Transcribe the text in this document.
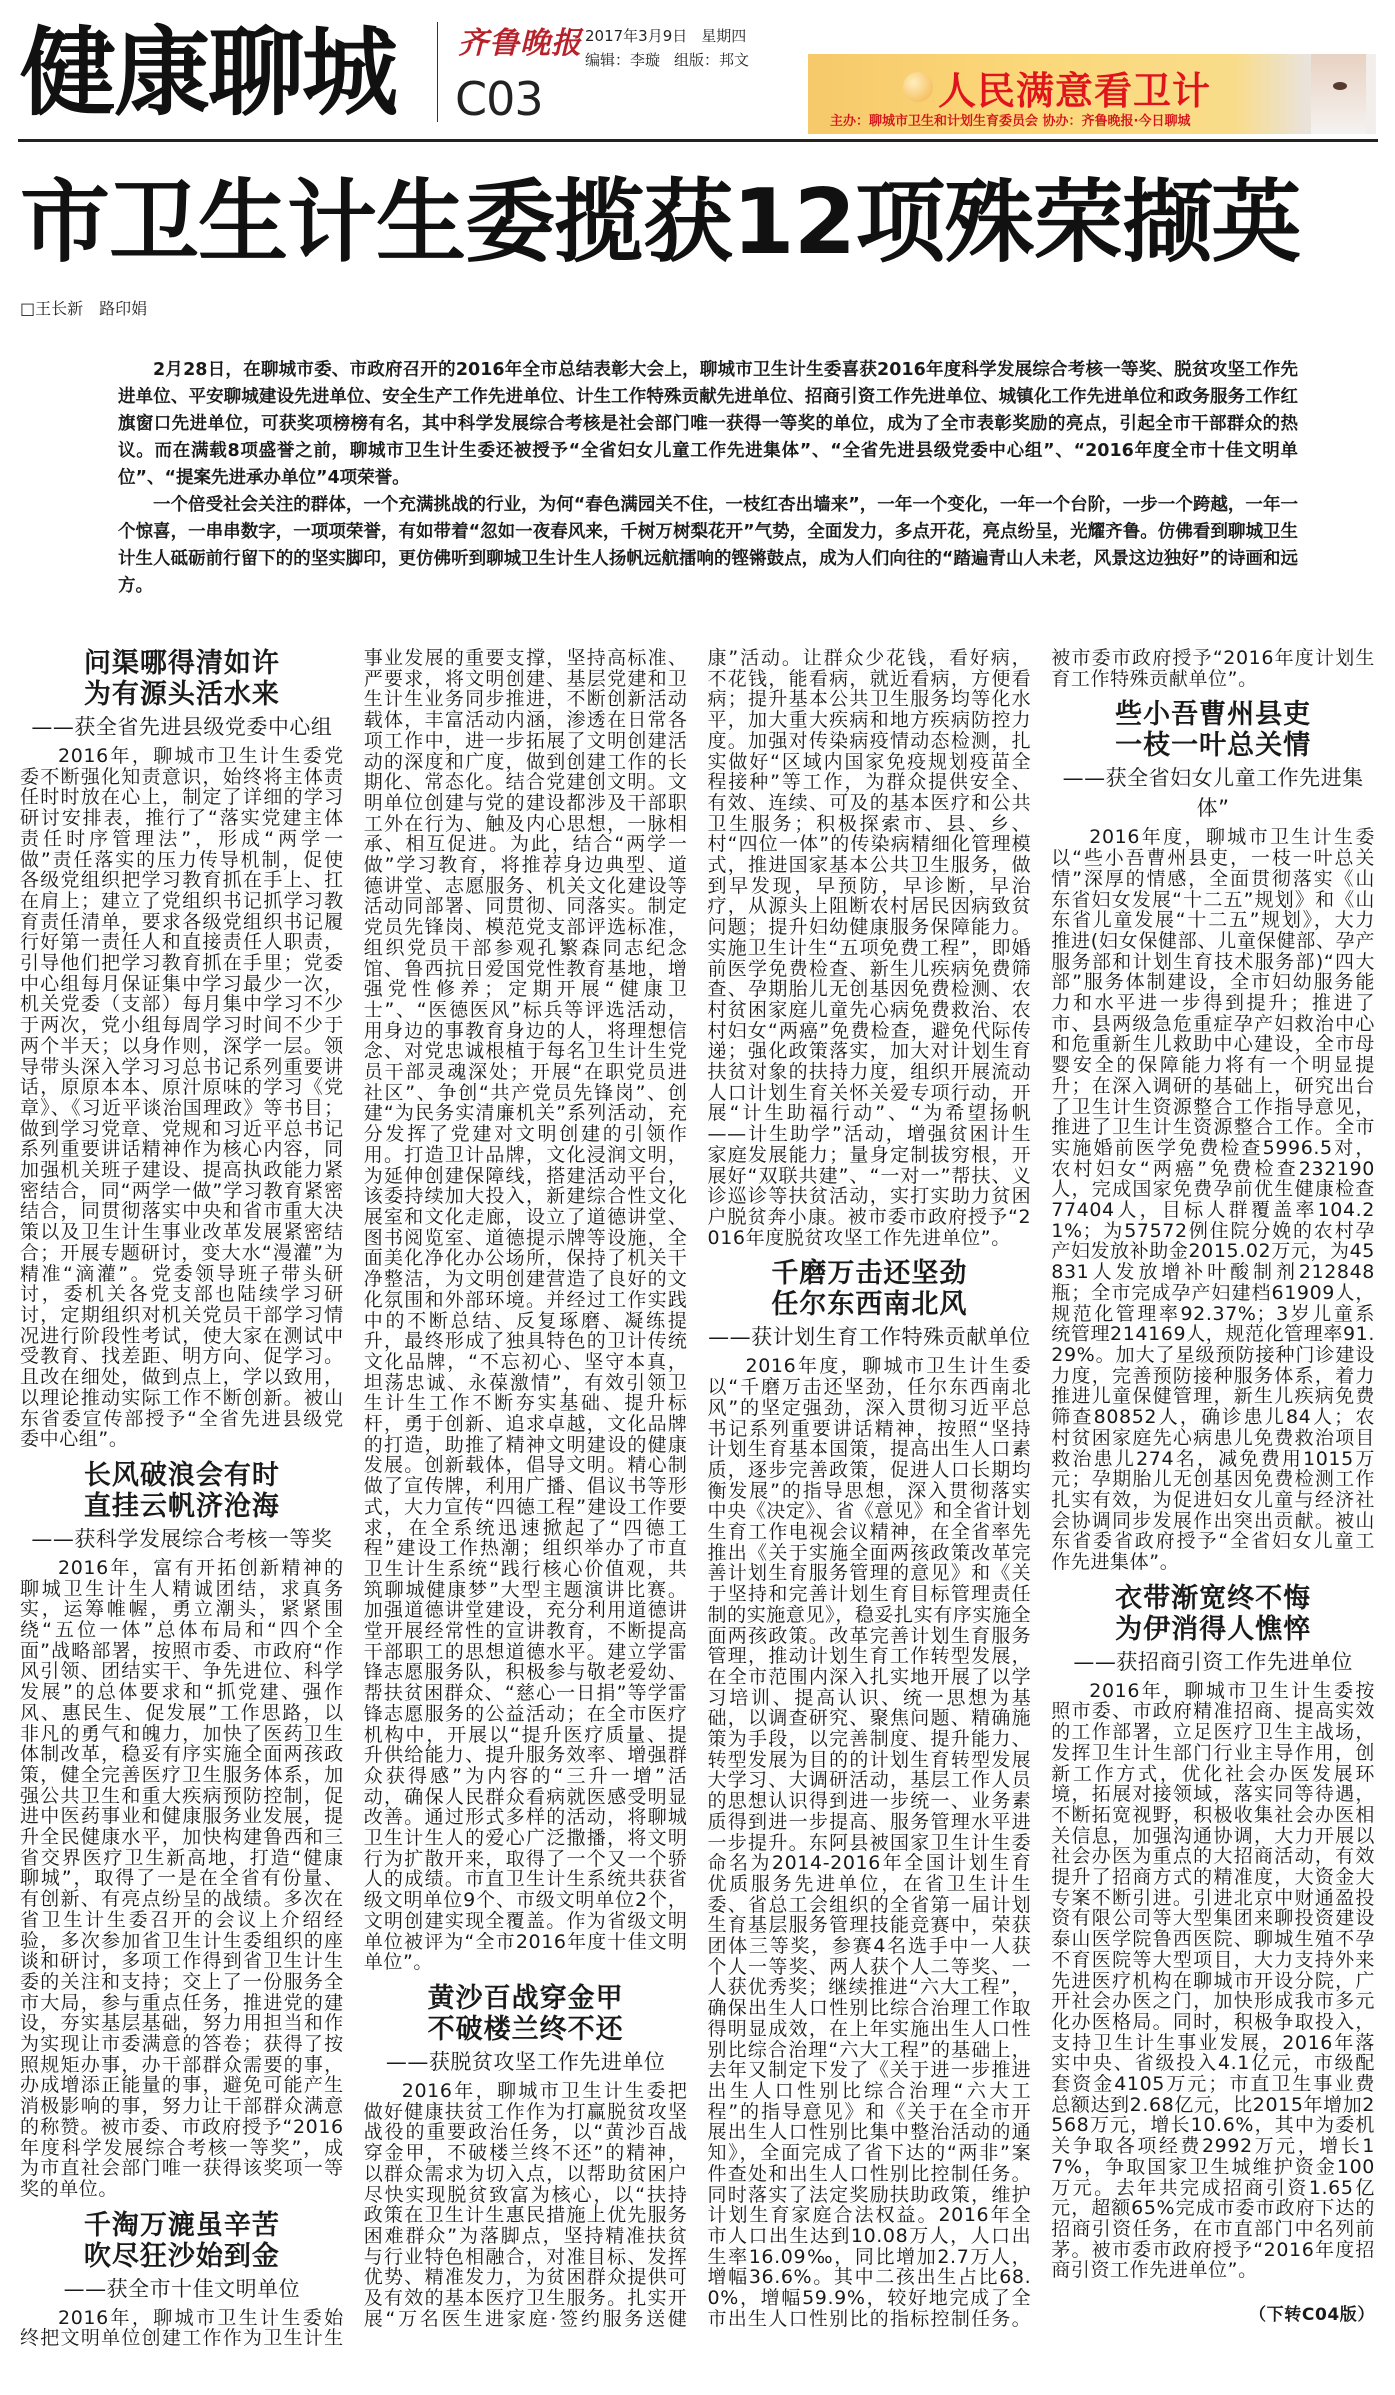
健康聊城 齐鲁晚报
C03
2017年3月9日 星期四
编辑：李璇 组版：邦文
人民满意看卫计
主办：聊城市卫生和计划生育委员会 协办：齐鲁晚报·今日聊城
市卫生计生委揽获12项殊荣撷英
□王长新　路印娟

2月28日，在聊城市委、市政府召开的2016年全市总结表彰大会上，聊城市卫生计生委喜获2016年度科学发展综合考核一等奖、脱贫攻坚工作先进单位、平安聊城建设先进单位、安全生产工作先进单位、计生工作特殊贡献先进单位、招商引资工作先进单位、城镇化工作先进单位和政务服务工作红旗窗口先进单位，可获奖项榜榜有名，其中科学发展综合考核是社会部门唯一获得一等奖的单位，成为了全市表彰奖励的亮点，引起全市干部群众的热议。而在满载8项盛誉之前，聊城市卫生计生委还被授予“全省妇女儿童工作先进集体”、“全省先进县级党委中心组”、“2016年度全市十佳文明单位”、“提案先进承办单位”4项荣誉。

一个倍受社会关注的群体，一个充满挑战的行业，为何“春色满园关不住，一枝红杏出墙来”，一年一个变化，一年一个台阶，一步一个跨越，一年一个惊喜，一串串数字，一项项荣誉，有如带着“忽如一夜春风来，千树万树梨花开”气势，全面发力，多点开花，亮点纷呈，光耀齐鲁。仿佛看到聊城卫生计生人砥砺前行留下的的坚实脚印，更仿佛听到聊城卫生计生人扬帆远航擂响的铿锵鼓点，成为人们向往的“踏遍青山人未老，风景这边独好”的诗画和远方。

问渠哪得清如许
为有源头活水来
——获全省先进县级党委中心组

2016年，聊城市卫生计生委党委不断强化知责意识，始终将主体责任时时放在心上，制定了详细的学习研讨安排表，推行了“落实党建主体责任时序管理法”，形成“两学一做”责任落实的压力传导机制，促使各级党组织把学习教育抓在手上、扛在肩上；建立了党组织书记抓学习教育责任清单，要求各级党组织书记履行好第一责任人和直接责任人职责，引导他们把学习教育抓在手里；党委中心组每月保证集中学习最少一次，机关党委（支部）每月集中学习不少于两次，党小组每周学习时间不少于两个半天；以身作则，深学一层。领导带头深入学习习总书记系列重要讲话，原原本本、原汁原味的学习《党章》、《习近平谈治国理政》等书目；做到学习党章、党规和习近平总书记系列重要讲话精神作为核心内容，同加强机关班子建设、提高执政能力紧密结合，同“两学一做”学习教育紧密结合，同贯彻落实中央和省市重大决策以及卫生计生事业改革发展紧密结合；开展专题研讨，变大水“漫灌”为精准“滴灌”。党委领导班子带头研讨，委机关各党支部也陆续学习研讨，定期组织对机关党员干部学习情况进行阶段性考试，使大家在测试中受教育、找差距、明方向、促学习。且改在细处，做到点上，学以致用，以理论推动实际工作不断创新。被山东省委宣传部授予“全省先进县级党委中心组”。

长风破浪会有时
直挂云帆济沧海
——获科学发展综合考核一等奖

2016年，富有开拓创新精神的聊城卫生计生人精诚团结，求真务实，运筹帷幄，勇立潮头，紧紧围绕“五位一体”总体布局和“四个全面”战略部署，按照市委、市政府“作风引领、团结实干、争先进位、科学发展”的总体要求和“抓党建、强作风、惠民生、促发展”工作思路，以非凡的勇气和魄力，加快了医药卫生体制改革，稳妥有序实施全面两孩政策，健全完善医疗卫生服务体系，加强公共卫生和重大疾病预防控制，促进中医药事业和健康服务业发展，提升全民健康水平，加快构建鲁西和三省交界医疗卫生新高地，打造“健康聊城”，取得了一是在全省有份量、有创新、有亮点纷呈的战绩。多次在省卫生计生委召开的会议上介绍经验，多次参加省卫生计生委组织的座谈和研讨，多项工作得到省卫生计生委的关注和支持；交上了一份服务全市大局，参与重点任务，推进党的建设，夯实基层基础，努力用担当和作为实现让市委满意的答卷；获得了按照规矩办事，办干部群众需要的事，办成增添正能量的事，避免可能产生消极影响的事，努力让干部群众满意的称赞。被市委、市政府授予“2016年度科学发展综合考核一等奖”，成为市直社会部门唯一获得该奖项一等奖的单位。

千淘万漉虽辛苦
吹尽狂沙始到金
——获全市十佳文明单位

2016年，聊城市卫生计生委始终把文明单位创建工作作为卫生计生事业发展的重要支撑，坚持高标准、严要求，将文明创建、基层党建和卫生计生业务同步推进，不断创新活动载体，丰富活动内涵，渗透在日常各项工作中，进一步拓展了文明创建活动的深度和广度，做到创建工作的长期化、常态化。结合党建创文明。文明单位创建与党的建设都涉及干部职工外在行为、触及内心思想，一脉相承、相互促进。为此，结合“两学一做”学习教育，将推荐身边典型、道德讲堂、志愿服务、机关文化建设等活动同部署、同贯彻、同落实。制定党员先锋岗、模范党支部评选标准，组织党员干部参观孔繁森同志纪念馆、鲁西抗日爱国党性教育基地，增强党性修养；定期开展“健康卫士”、“医德医风”标兵等评选活动，用身边的事教育身边的人，将理想信念、对党忠诚根植于每名卫生计生党员干部灵魂深处；开展“在职党员进社区”、争创“共产党员先锋岗”、创建“为民务实清廉机关”系列活动，充分发挥了党建对文明创建的引领作用。打造卫计品牌，文化浸润文明，为延伸创建保障线，搭建活动平台，该委持续加大投入，新建综合性文化展室和文化走廊，设立了道德讲堂、图书阅览室、道德提示牌等设施，全面美化净化办公场所，保持了机关干净整洁，为文明创建营造了良好的文化氛围和外部环境。并经过工作实践中的不断总结、反复琢磨、凝练提升，最终形成了独具特色的卫计传统文化品牌，“不忘初心、坚守本真，坦荡忠诚、永葆激情”，有效引领卫生计生工作不断夯实基础、提升标杆，勇于创新、追求卓越，文化品牌的打造，助推了精神文明建设的健康发展。创新载体，倡导文明。精心制做了宣传牌，利用广播、倡议书等形式，大力宣传“四德工程”建设工作要求，在全系统迅速掀起了“四德工程”建设工作热潮；组织举办了市直卫生计生系统“践行核心价值观，共筑聊城健康梦”大型主题演讲比赛。加强道德讲堂建设，充分利用道德讲堂开展经常性的宣讲教育，不断提高干部职工的思想道德水平。建立学雷锋志愿服务队，积极参与敬老爱幼、帮扶贫困群众、“慈心一日捐”等学雷锋志愿服务的公益活动；在全市医疗机构中，开展以“提升医疗质量、提升供给能力、提升服务效率、增强群众获得感”为内容的“三升一增”活动，确保人民群众看病就医感受明显改善。通过形式多样的活动，将聊城卫生计生人的爱心广泛撒播，将文明行为扩散开来，取得了一个又一个骄人的成绩。市直卫生计生系统共获省级文明单位9个、市级文明单位2个，文明创建实现全覆盖。作为省级文明单位被评为“全市2016年度十佳文明单位”。

黄沙百战穿金甲
不破楼兰终不还
——获脱贫攻坚工作先进单位

2016年，聊城市卫生计生委把做好健康扶贫工作作为打赢脱贫攻坚战役的重要政治任务，以“黄沙百战穿金甲，不破楼兰终不还”的精神，以群众需求为切入点，以帮助贫困户尽快实现脱贫致富为核心，以“扶持政策在卫生计生惠民措施上优先服务困难群众”为落脚点，坚持精准扶贫与行业特色相融合，对准目标、发挥优势、精准发力，为贫困群众提供可及有效的基本医疗卫生服务。扎实开展“万名医生进家庭·签约服务送健康”活动。让群众少花钱，看好病，不花钱，能看病，就近看病，方便看病；提升基本公共卫生服务均等化水平，加大重大疾病和地方疾病防控力度。加强对传染病疫情动态检测，扎实做好“区域内国家免疫规划疫苗全程接种”等工作，为群众提供安全、有效、连续、可及的基本医疗和公共卫生服务；积极探索市、县、乡、村“四位一体”的传染病精细化管理模式，推进国家基本公共卫生服务，做到早发现，早预防，早诊断，早治疗，从源头上阻断农村居民因病致贫问题；提升妇幼健康服务保障能力。实施卫生计生“五项免费工程”，即婚前医学免费检查、新生儿疾病免费筛查、孕期胎儿无创基因免费检测、农村贫困家庭儿童先心病免费救治、农村妇女“两癌”免费检查，避免代际传递；强化政策落实，加大对计划生育扶贫对象的扶持力度，组织开展流动人口计划生育关怀关爱专项行动，开展“计生助福行动”、“为希望扬帆——计生助学”活动，增强贫困计生家庭发展能力；量身定制拔穷根，开展好“双联共建”、“一对一”帮扶、义诊巡诊等扶贫活动，实打实助力贫困户脱贫奔小康。被市委市政府授予“2016年度脱贫攻坚工作先进单位”。

千磨万击还坚劲
任尔东西南北风
——获计划生育工作特殊贡献单位

2016年度，聊城市卫生计生委以“千磨万击还坚劲，任尔东西南北风”的坚定强劲，深入贯彻习近平总书记系列重要讲话精神，按照“坚持计划生育基本国策，提高出生人口素质，逐步完善政策，促进人口长期均衡发展”的指导思想，深入贯彻落实中央《决定》、省《意见》和全省计划生育工作电视会议精神，在全省率先推出《关于实施全面两孩政策改革完善计划生育服务管理的意见》和《关于坚持和完善计划生育目标管理责任制的实施意见》，稳妥扎实有序实施全面两孩政策。改革完善计划生育服务管理，推动计划生育工作转型发展，在全市范围内深入扎实地开展了以学习培训、提高认识、统一思想为基础，以调查研究、聚焦问题、精确施策为手段，以完善制度、提升能力、转型发展为目的的计划生育转型发展大学习、大调研活动，基层工作人员的思想认识得到进一步统一、业务素质得到进一步提高、服务管理水平进一步提升。东阿县被国家卫生计生委命名为2014-2016年全国计划生育优质服务先进单位，在省卫生计生委、省总工会组织的全省第一届计划生育基层服务管理技能竞赛中，荣获团体三等奖，参赛4名选手中一人获个人一等奖、两人获个人二等奖、一人获优秀奖；继续推进“六大工程”，确保出生人口性别比综合治理工作取得明显成效，在上年实施出生人口性别比综合治理“六大工程”的基础上，去年又制定下发了《关于进一步推进出生人口性别比综合治理“六大工程”的指导意见》和《关于在全市开展出生人口性别比集中整治活动的通知》，全面完成了省下达的“两非”案件查处和出生人口性别比控制任务。同时落实了法定奖励扶助政策，维护计划生育家庭合法权益。2016年全市人口出生达到10.08万人，人口出生率16.09‰，同比增加2.7万人，增幅36.6%。其中二孩出生占比68.0%，增幅59.9%，较好地完成了全市出生人口性别比的指标控制任务。被市委市政府授予“2016年度计划生育工作特殊贡献单位”。

些小吾曹州县吏
一枝一叶总关情
——获全省妇女儿童工作先进集体”

2016年度，聊城市卫生计生委以“些小吾曹州县吏，一枝一叶总关情”深厚的情感，全面贯彻落实《山东省妇女发展“十二五”规划》和《山东省儿童发展“十二五”规划》，大力推进(妇女保健部、儿童保健部、孕产服务部和计划生育技术服务部)“四大部”服务体制建设，全市妇幼服务能力和水平进一步得到提升；推进了市、县两级急危重症孕产妇救治中心和危重新生儿救助中心建设，全市母婴安全的保障能力将有一个明显提升；在深入调研的基础上，研究出台了卫生计生资源整合工作指导意见，推进了卫生计生资源整合工作。全市实施婚前医学免费检查5996.5对，农村妇女“两癌”免费检查232190人，完成国家免费孕前优生健康检查　77404人，目标人群覆盖率104.21%；为57572例住院分娩的农村孕产妇发放补助金2015.02万元，为45831人发放增补叶酸制剂212848瓶；全市完成孕产妇建档61909人，规范化管理率92.37%；3岁儿童系统管理214169人，规范化管理率91.29%。加大了星级预防接种门诊建设力度，完善预防接种服务体系，着力推进儿童保健管理，新生儿疾病免费筛查80852人，确诊患儿84人；农村贫困家庭先心病患儿免费救治项目救治患儿274名，减免费用1015万元；孕期胎儿无创基因免费检测工作扎实有效，为促进妇女儿童与经济社会协调同步发展作出突出贡献。被山东省委省政府授予“全省妇女儿童工作先进集体”。

衣带渐宽终不悔
为伊消得人憔悴
——获招商引资工作先进单位

2016年，聊城市卫生计生委按照市委、市政府精准招商、提高实效的工作部署，立足医疗卫生主战场，发挥卫生计生部门行业主导作用，创新工作方式，优化社会办医发展环境，拓展对接领域，落实同等待遇，不断拓宽视野，积极收集社会办医相关信息，加强沟通协调，大力开展以社会办医为重点的大招商活动，有效提升了招商方式的精准度，大资金大专案不断引进。引进北京中财通盈投资有限公司等大型集团来聊投资建设泰山医学院鲁西医院、聊城生殖不孕不育医院等大型项目，大力支持外来先进医疗机构在聊城市开设分院，广开社会办医之门，加快形成我市多元化办医格局。同时，积极争取投入，支持卫生计生事业发展，2016年落实中央、省级投入4.1亿元，市级配套资金4105万元；市直卫生事业费总额达到2.68亿元，比2015年增加2568万元，增长10.6%，其中为委机关争取各项经费2992万元，增长17%，争取国家卫生城维护资金100万元。去年共完成招商引资1.65亿元，超额65%完成市委市政府下达的招商引资任务，在市直部门中名列前茅。被市委市政府授予“2016年度招商引资工作先进单位”。

（下转C04版）
